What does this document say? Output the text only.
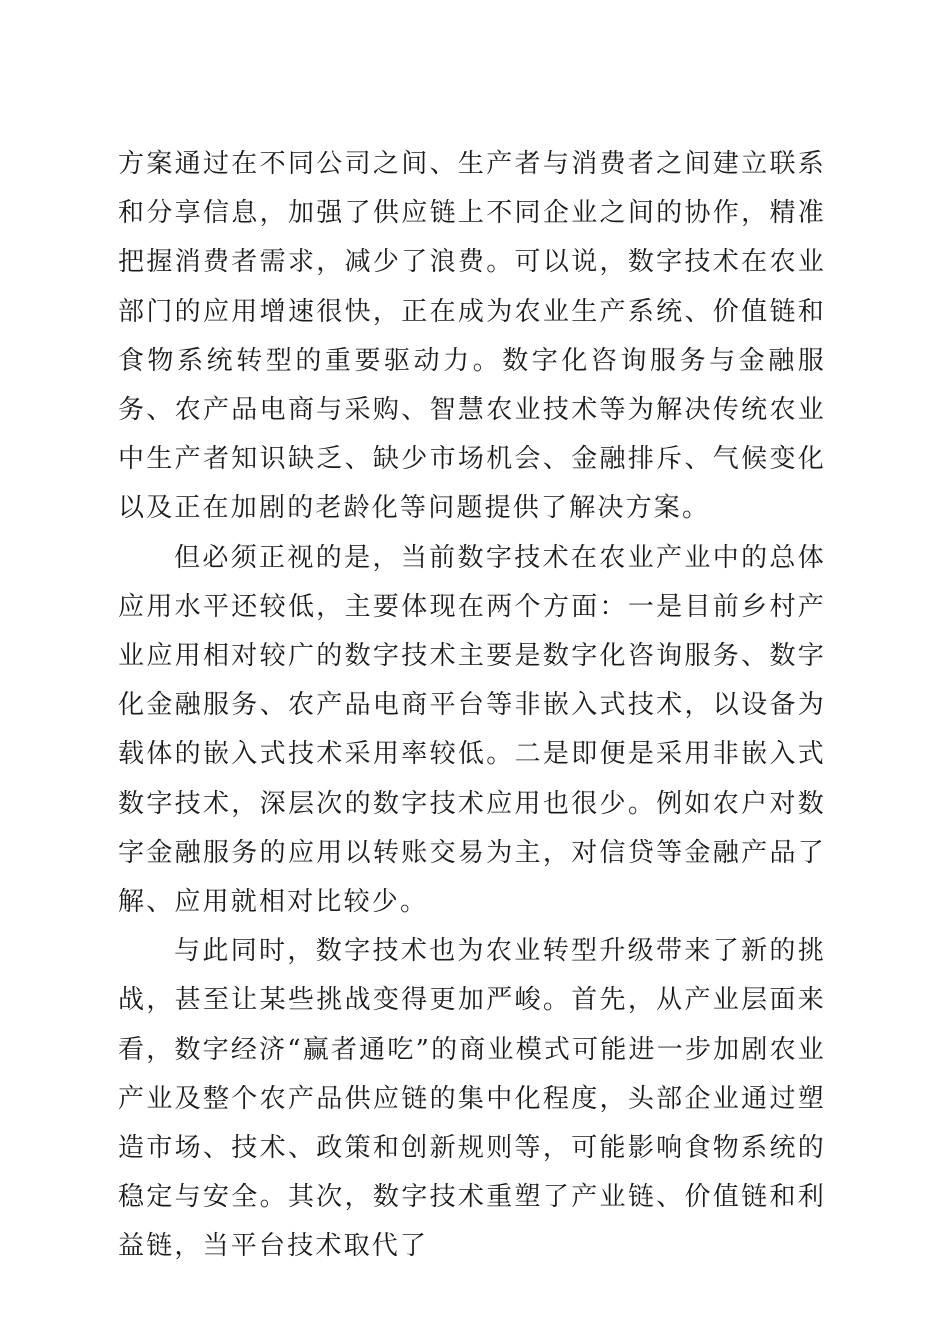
方案通过在不同公司之间、生产者与消费者之间建立联系和分享信息，加强了供应链上不同企业之间的协作，精准把握消费者需求，减少了浪费。可以说，数字技术在农业部门的应用增速很快，正在成为农业生产系统、价值链和食物系统转型的重要驱动力。数字化咨询服务与金融服务、农产品电商与采购、智慧农业技术等为解决传统农业中生产者知识缺乏、缺少市场机会、金融排斥、气候变化以及正在加剧的老龄化等问题提供了解决方案。

但必须正视的是，当前数字技术在农业产业中的总体应用水平还较低，主要体现在两个方面：一是目前乡村产业应用相对较广的数字技术主要是数字化咨询服务、数字化金融服务、农产品电商平台等非嵌入式技术，以设备为载体的嵌入式技术采用率较低。二是即便是采用非嵌入式数字技术，深层次的数字技术应用也很少。例如农户对数字金融服务的应用以转账交易为主，对信贷等金融产品了解、应用就相对比较少。

与此同时，数字技术也为农业转型升级带来了新的挑战，甚至让某些挑战变得更加严峻。首先，从产业层面来看，数字经济“赢者通吃”的商业模式可能进一步加剧农业产业及整个农产品供应链的集中化程度，头部企业通过塑造市场、技术、政策和创新规则等，可能影响食物系统的稳定与安全。其次，数字技术重塑了产业链、价值链和利益链，当平台技术取代了
